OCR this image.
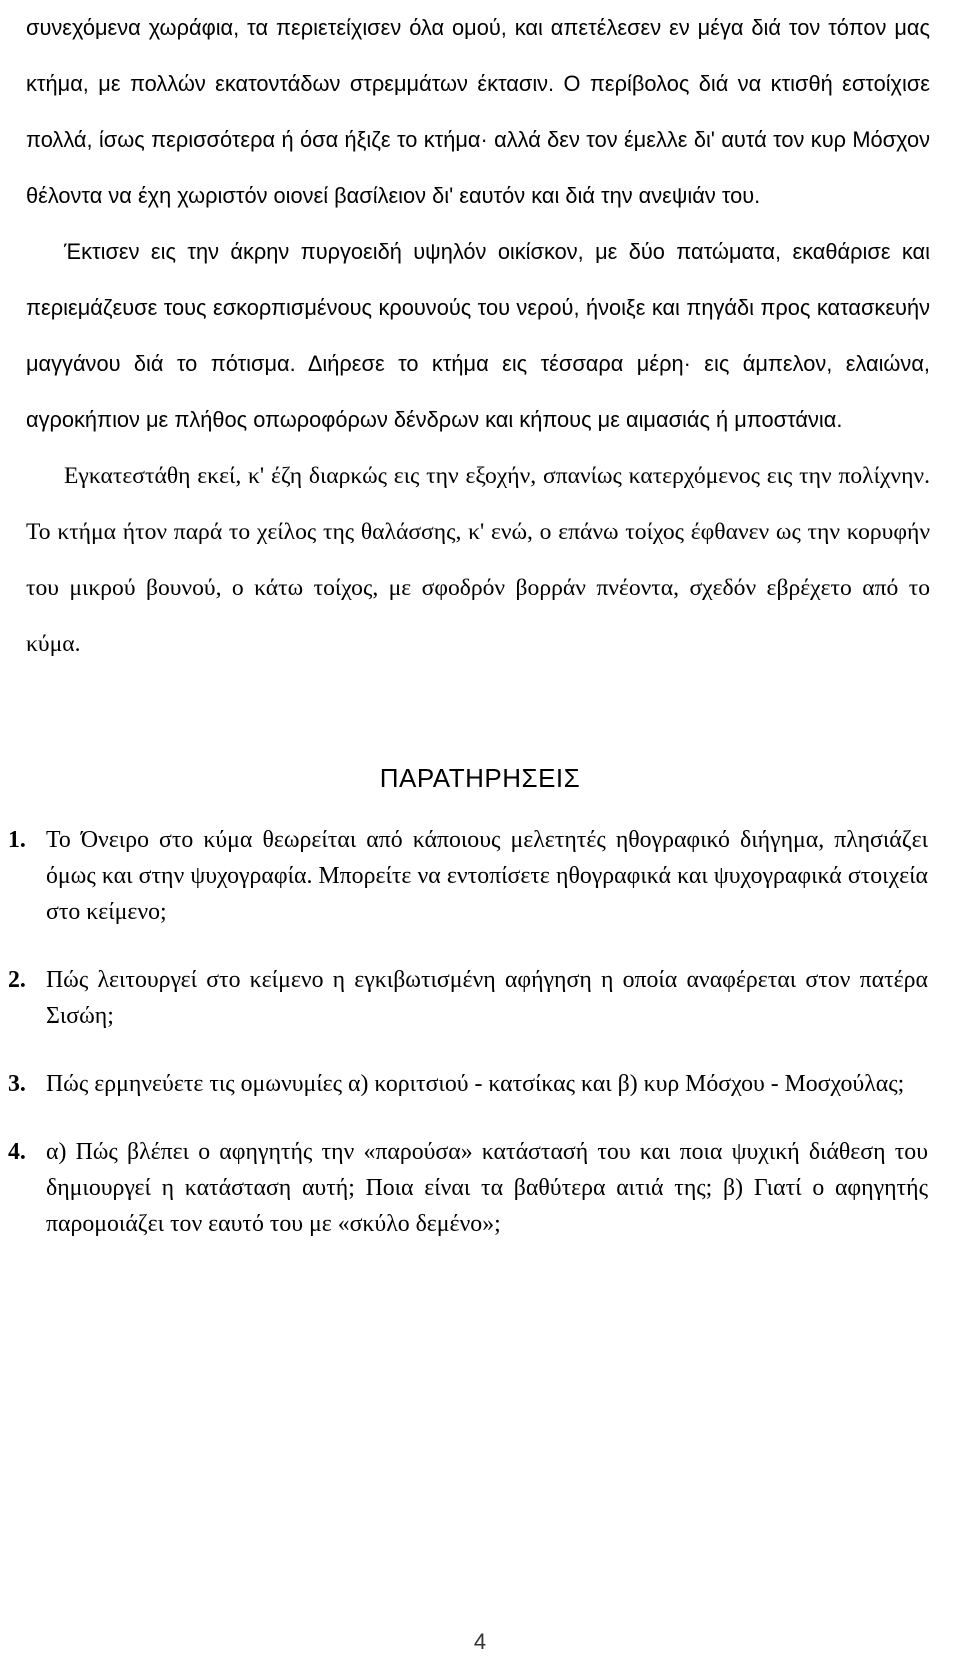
συνεχόμενα χωράφια, τα περιετείχισεν όλα ομού, και απετέλεσεν εν μέγα διά τον τόπον μας κτήμα, με πολλών εκατοντάδων στρεμμάτων έκτασιν. Ο περίβολος διά να κτισθή εστοίχισε πολλά, ίσως περισσότερα ή όσα ήξιζε το κτήμα· αλλά δεν τον έμελλε δι' αυτά τον κυρ Μόσχον θέλοντα να έχη χωριστόν οιονεί βασίλειον δι' εαυτόν και διά την ανεψιάν του.

Έκτισεν εις την άκρην πυργοειδή υψηλόν οικίσκον, με δύο πατώματα, εκαθάρισε και περιεμάζευσε τους εσκορπισμένους κρουνούς του νερού, ήνοιξε και πηγάδι προς κατασκευήν μαγγάνου διά το πότισμα. Διήρεσε το κτήμα εις τέσσαρα μέρη· εις άμπελον, ελαιώνα, αγροκήπιον με πλήθος οπωροφόρων δένδρων και κήπους με αιμασιάς ή μποστάνια.

Εγκατεστάθη εκεί, κ' έζη διαρκώς εις την εξοχήν, σπανίως κατερχόμενος εις την πολίχνην. Το κτήμα ήτον παρά το χείλος της θαλάσσης, κ' ενώ, ο επάνω τοίχος έφθανεν ως την κορυφήν του μικρού βουνού, ο κάτω τοίχος, με σφοδρόν βορράν πνέοντα, σχεδόν εβρέχετο από το κύμα.

ΠΑΡΑΤΗΡΗΣΕΙΣ
1. Το Όνειρο στο κύμα θεωρείται από κάποιους μελετητές ηθογραφικό διήγημα, πλησιάζει όμως και στην ψυχογραφία. Μπορείτε να εντοπίσετε ηθογραφικά και ψυχογραφικά στοιχεία στο κείμενο;
2. Πώς λειτουργεί στο κείμενο η εγκιβωτισμένη αφήγηση η οποία αναφέρεται στον πατέρα Σισώη;
3. Πώς ερμηνεύετε τις ομωνυμίες α) κοριτσιού - κατσίκας και β) κυρ Μόσχου - Μοσχούλας;
4. α) Πώς βλέπει ο αφηγητής την «παρούσα» κατάστασή του και ποια ψυχική διάθεση του δημιουργεί η κατάσταση αυτή; Ποια είναι τα βαθύτερα αιτιά της; β) Γιατί ο αφηγητής παρομοιάζει τον εαυτό του με «σκύλο δεμένο»;
4
